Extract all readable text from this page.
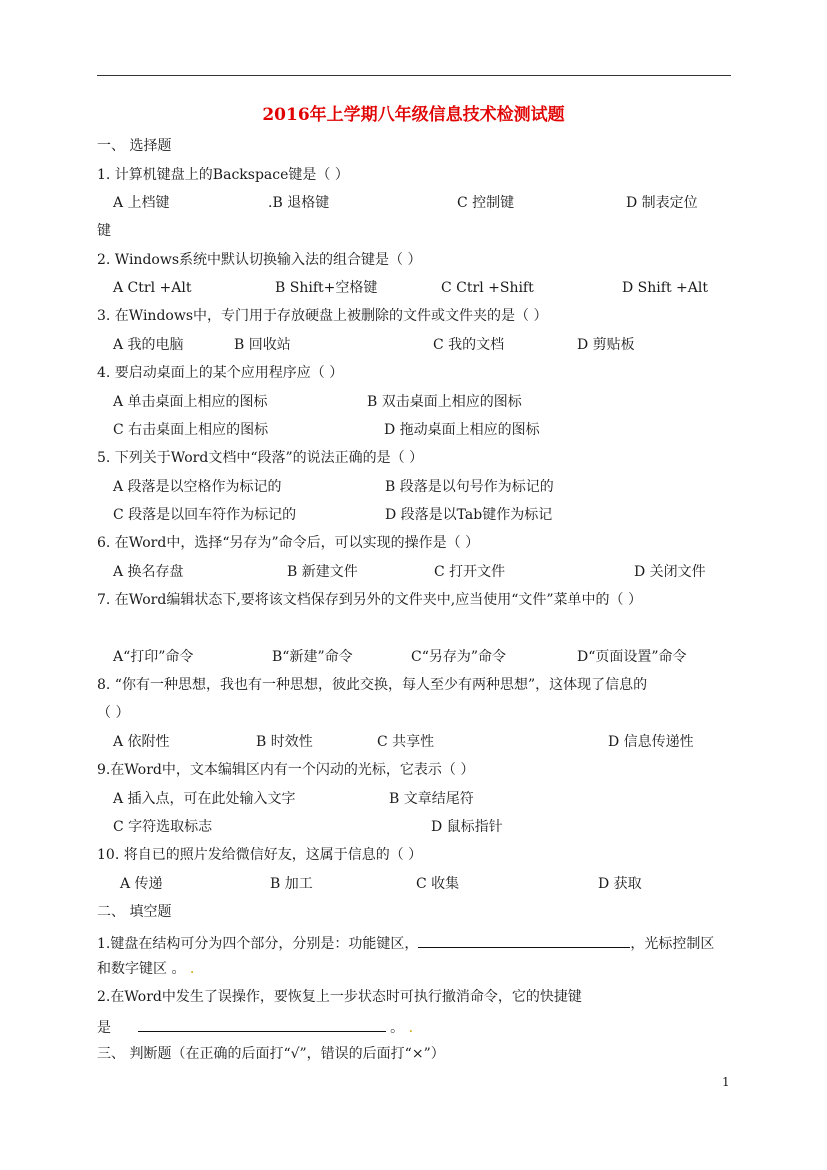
2016年上学期八年级信息技术检测试题
一、 选择题
1. 计算机键盘上的Backspace键是（ ）
A 上档键	.B 退格键	C 控制键	D 制表定位
键
2. Windows系统中默认切换输入法的组合键是（ ）
A Ctrl +Alt	B Shift+空格键	C Ctrl +Shift	D Shift +Alt
3. 在Windows中，专门用于存放硬盘上被删除的文件或文件夹的是（ ）
A 我的电脑	B 回收站	C 我的文档	D 剪贴板
4. 要启动桌面上的某个应用程序应（ ）
A 单击桌面上相应的图标	B 双击桌面上相应的图标
C 右击桌面上相应的图标	D 拖动桌面上相应的图标
5. 下列关于Word文档中“段落”的说法正确的是（ ）
A 段落是以空格作为标记的	B 段落是以句号作为标记的
C 段落是以回车符作为标记的	D 段落是以Tab键作为标记
6. 在Word中，选择“另存为”命令后，可以实现的操作是（ ）
A 换名存盘	B 新建文件	C 打开文件	D 关闭文件
7. 在Word编辑状态下,要将该文档保存到另外的文件夹中,应当使用“文件”菜单中的（ ）
A“打印”命令	B“新建”命令	C“另存为”命令	D“页面设置”命令
8. “你有一种思想，我也有一种思想，彼此交换，每人至少有两种思想”，这体现了信息的
（ ）
A 依附性	B 时效性	C 共享性	D 信息传递性
9.在Word中，文本编辑区内有一个闪动的光标，它表示（ ）
A 插入点，可在此处输入文字	B 文章结尾符
C 字符选取标志	D 鼠标指针
10. 将自已的照片发给微信好友，这属于信息的（ ）
A 传递	B 加工	C 收集	D 获取
二、 填空题
1.键盘在结构可分为四个部分，分别是：功能键区，	，光标控制区
和数字键区 。 .
2.在Word中发生了误操作，要恢复上一步状态时可执行撤消命令，它的快捷键
是	。 .
三、 判断题（在正确的后面打“√”，错误的后面打“×”）
1
